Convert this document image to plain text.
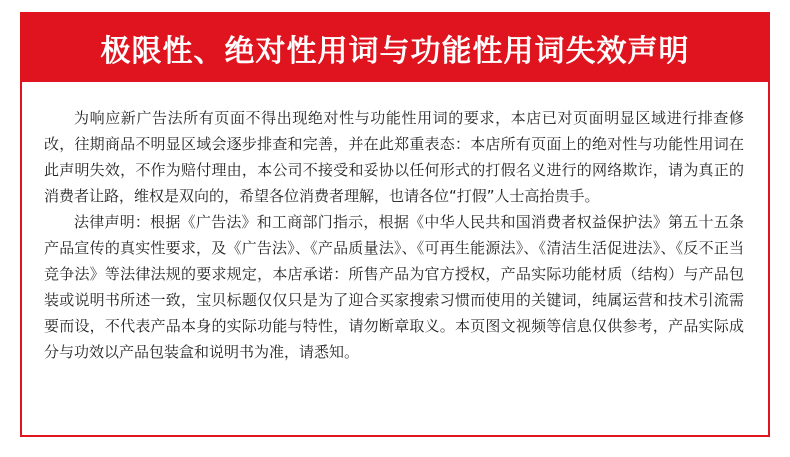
极限性、绝对性用词与功能性用词失效声明

为响应新广告法所有页面不得出现绝对性与功能性用词的要求，本店已对页面明显区域进行排查修改，往期商品不明显区域会逐步排查和完善，并在此郑重表态：本店所有页面上的绝对性与功能性用词在此声明失效，不作为赔付理由，本公司不接受和妥协以任何形式的打假名义进行的网络欺诈，请为真正的消费者让路，维权是双向的，希望各位消费者理解，也请各位“打假”人士高抬贵手。

法律声明：根据《广告法》和工商部门指示，根据《中华人民共和国消费者权益保护法》第五十五条产品宣传的真实性要求，及《广告法》、《产品质量法》、《可再生能源法》、《清洁生活促进法》、《反不正当竞争法》等法律法规的要求规定，本店承诺：所售产品为官方授权，产品实际功能材质（结构）与产品包装或说明书所述一致，宝贝标题仅仅只是为了迎合买家搜索习惯而使用的关键词，纯属运营和技术引流需要而设，不代表产品本身的实际功能与特性，请勿断章取义。本页图文视频等信息仅供参考，产品实际成分与功效以产品包装盒和说明书为准，请悉知。
